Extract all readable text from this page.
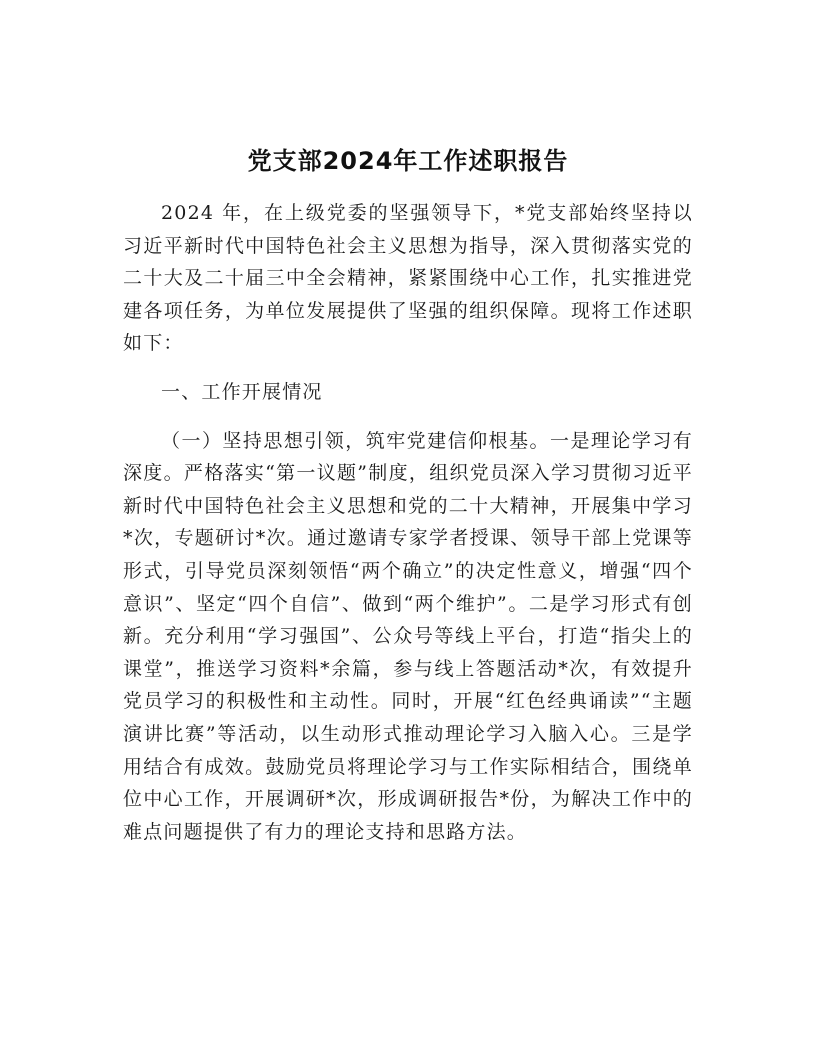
党支部2024年工作述职报告

2024 年，在上级党委的坚强领导下，*党支部始终坚持以习近平新时代中国特色社会主义思想为指导，深入贯彻落实党的二十大及二十届三中全会精神，紧紧围绕中心工作，扎实推进党建各项任务，为单位发展提供了坚强的组织保障。现将工作述职如下：

一、工作开展情况

（一）坚持思想引领，筑牢党建信仰根基。一是理论学习有深度。严格落实“第一议题”制度，组织党员深入学习贯彻习近平新时代中国特色社会主义思想和党的二十大精神，开展集中学习*次，专题研讨*次。通过邀请专家学者授课、领导干部上党课等形式，引导党员深刻领悟“两个确立”的决定性意义，增强“四个意识”、坚定“四个自信”、做到“两个维护”。二是学习形式有创新。充分利用“学习强国”、公众号等线上平台，打造“指尖上的课堂”，推送学习资料*余篇，参与线上答题活动*次，有效提升党员学习的积极性和主动性。同时，开展“红色经典诵读”“主题演讲比赛”等活动，以生动形式推动理论学习入脑入心。三是学用结合有成效。鼓励党员将理论学习与工作实际相结合，围绕单位中心工作，开展调研*次，形成调研报告*份，为解决工作中的难点问题提供了有力的理论支持和思路方法。
